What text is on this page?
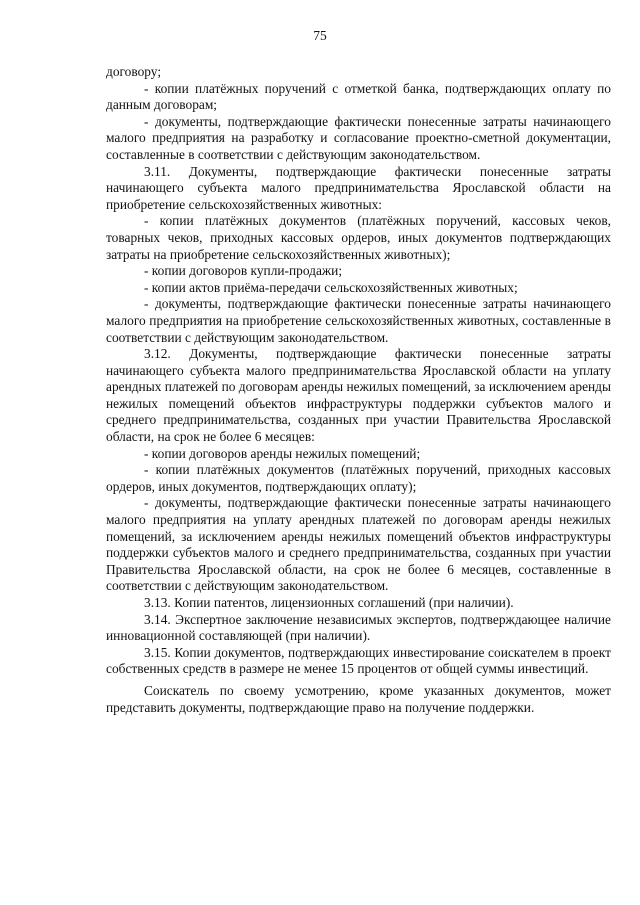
75

договору;

- копии платёжных поручений с отметкой банка, подтверждающих оплату по данным договорам;

- документы, подтверждающие фактически понесенные затраты начинающего малого предприятия на разработку и согласование проектно-сметной документации, составленные в соответствии с действующим законодательством.

3.11. Документы, подтверждающие фактически понесенные затраты начинающего субъекта малого предпринимательства Ярославской области на приобретение сельскохозяйственных животных:

- копии платёжных документов (платёжных поручений, кассовых чеков, товарных чеков, приходных кассовых ордеров, иных документов подтверждающих затраты на приобретение сельскохозяйственных животных);

- копии договоров купли-продажи;

- копии актов приёма-передачи сельскохозяйственных животных;

- документы, подтверждающие фактически понесенные затраты начинающего малого предприятия на приобретение сельскохозяйственных животных, составленные в соответствии с действующим законодательством.

3.12. Документы, подтверждающие фактически понесенные затраты начинающего субъекта малого предпринимательства Ярославской области на уплату арендных платежей по договорам аренды нежилых помещений, за исключением аренды нежилых помещений объектов инфраструктуры поддержки субъектов малого и среднего предпринимательства, созданных при участии Правительства Ярославской области, на срок не более 6 месяцев:

- копии договоров аренды нежилых помещений;

- копии платёжных документов (платёжных поручений, приходных кассовых ордеров, иных документов, подтверждающих оплату);

- документы, подтверждающие фактически понесенные затраты начинающего малого предприятия на уплату арендных платежей по договорам аренды нежилых помещений, за исключением аренды нежилых помещений объектов инфраструктуры поддержки субъектов малого и среднего предпринимательства, созданных при участии Правительства Ярославской области, на срок не более 6 месяцев, составленные в соответствии с действующим законодательством.

3.13. Копии патентов, лицензионных соглашений (при наличии).

3.14. Экспертное заключение независимых экспертов, подтверждающее наличие инновационной составляющей (при наличии).

3.15. Копии документов, подтверждающих инвестирование соискателем в проект собственных средств в размере не менее 15 процентов от общей суммы инвестиций.

Соискатель по своему усмотрению, кроме указанных документов, может представить документы, подтверждающие право на получение поддержки.
